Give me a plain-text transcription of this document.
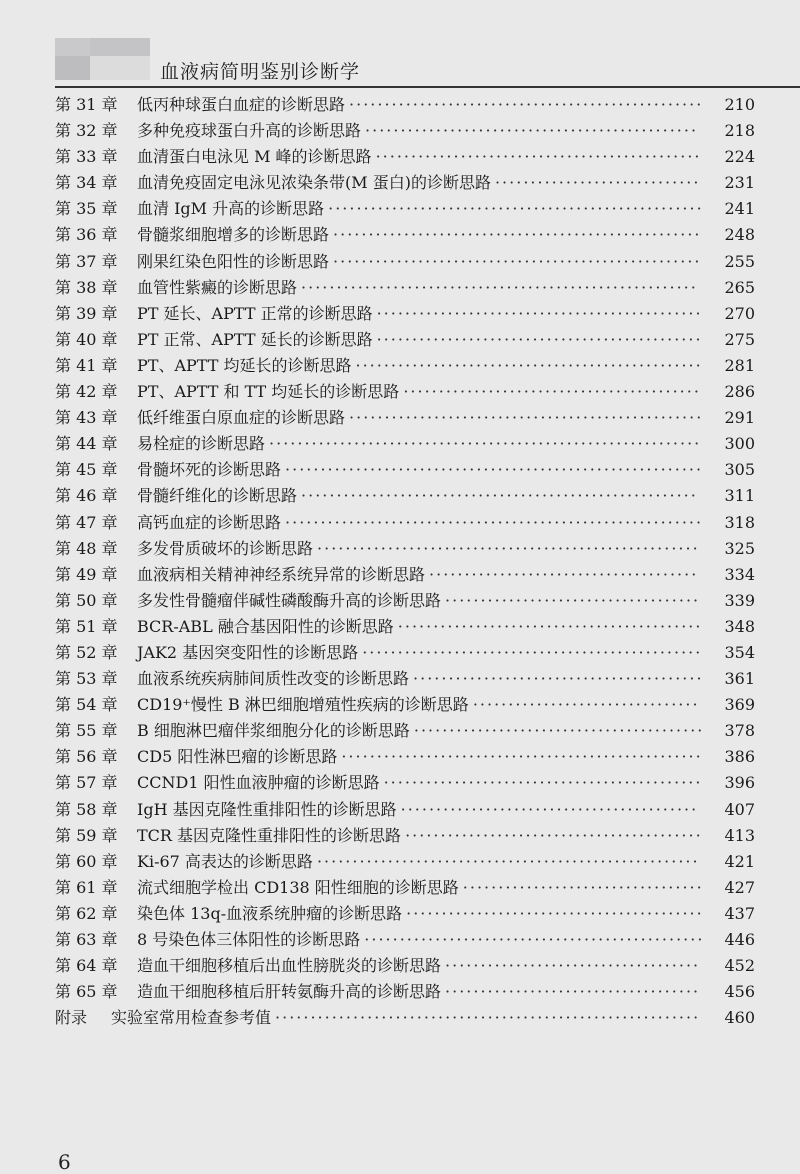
血液病简明鉴别诊断学
第 31 章	低丙种球蛋白血症的诊断思路 ·················································· 210
第 32 章	多种免疫球蛋白升高的诊断思路 ··············································· 218
第 33 章	血清蛋白电泳见 M 峰的诊断思路 ·············································· 224
第 34 章	血清免疫固定电泳见浓染条带(M 蛋白)的诊断思路 ····························· 231
第 35 章	血清 IgM 升高的诊断思路 ····················································· 241
第 36 章	骨髓浆细胞增多的诊断思路 ···················································· 248
第 37 章	刚果红染色阳性的诊断思路 ···················································· 255
第 38 章	血管性紫癜的诊断思路 ························································ 265
第 39 章	PT 延长、APTT 正常的诊断思路 ·············································· 270
第 40 章	PT 正常、APTT 延长的诊断思路 ·············································· 275
第 41 章	PT、APTT 均延长的诊断思路 ················································· 281
第 42 章	PT、APTT 和 TT 均延长的诊断思路 ·········································· 286
第 43 章	低纤维蛋白原血症的诊断思路 ·················································· 291
第 44 章	易栓症的诊断思路 ····························································· 300
第 45 章	骨髓坏死的诊断思路 ··························································· 305
第 46 章	骨髓纤维化的诊断思路 ························································ 311
第 47 章	高钙血症的诊断思路 ··························································· 318
第 48 章	多发骨质破坏的诊断思路 ······················································ 325
第 49 章	血液病相关精神神经系统异常的诊断思路 ······································ 334
第 50 章	多发性骨髓瘤伴碱性磷酸酶升高的诊断思路 ···································· 339
第 51 章	BCR-ABL 融合基因阳性的诊断思路 ··········································· 348
第 52 章	JAK2 基因突变阳性的诊断思路 ················································ 354
第 53 章	血液系统疾病肺间质性改变的诊断思路 ········································· 361
第 54 章	CD19⁺慢性 B 淋巴细胞增殖性疾病的诊断思路 ································ 369
第 55 章	B 细胞淋巴瘤伴浆细胞分化的诊断思路 ········································· 378
第 56 章	CD5 阳性淋巴瘤的诊断思路 ··················································· 386
第 57 章	CCND1 阳性血液肿瘤的诊断思路 ············································· 396
第 58 章	IgH 基因克隆性重排阳性的诊断思路 ·········································· 407
第 59 章	TCR 基因克隆性重排阳性的诊断思路 ·········································· 413
第 60 章	Ki-67 高表达的诊断思路 ······················································ 421
第 61 章	流式细胞学检出 CD138 阳性细胞的诊断思路 ·································· 427
第 62 章	染色体 13q-血液系统肿瘤的诊断思路 ·········································· 437
第 63 章	8 号染色体三体阳性的诊断思路 ················································ 446
第 64 章	造血干细胞移植后出血性膀胱炎的诊断思路 ···································· 452
第 65 章	造血干细胞移植后肝转氨酶升高的诊断思路 ···································· 456
附录	实验室常用检查参考值 ···························································· 460
6
